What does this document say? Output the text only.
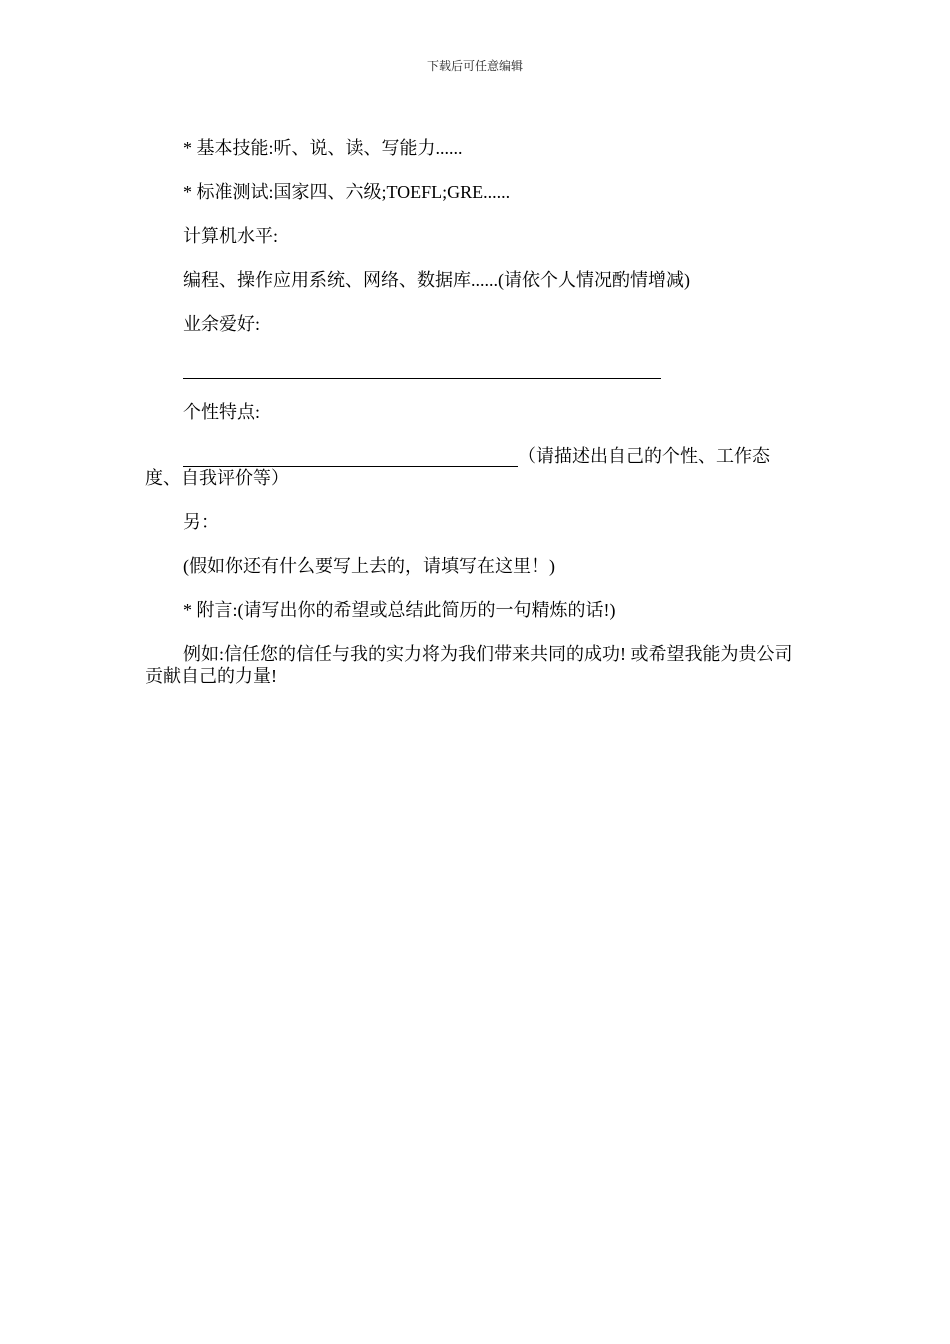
下载后可任意编辑

* 基本技能:听、说、读、写能力......

* 标准测试:国家四、六级;TOEFL;GRE......

计算机水平:

编程、操作应用系统、网络、数据库......(请依个人情况酌情增减)

业余爱好:

个性特点:

（请描述出自己的个性、工作态度、自我评价等）

另：

(假如你还有什么要写上去的，请填写在这里！)

* 附言:(请写出你的希望或总结此简历的一句精炼的话!)

例如:信任您的信任与我的实力将为我们带来共同的成功! 或希望我能为贵公司贡献自己的力量!
